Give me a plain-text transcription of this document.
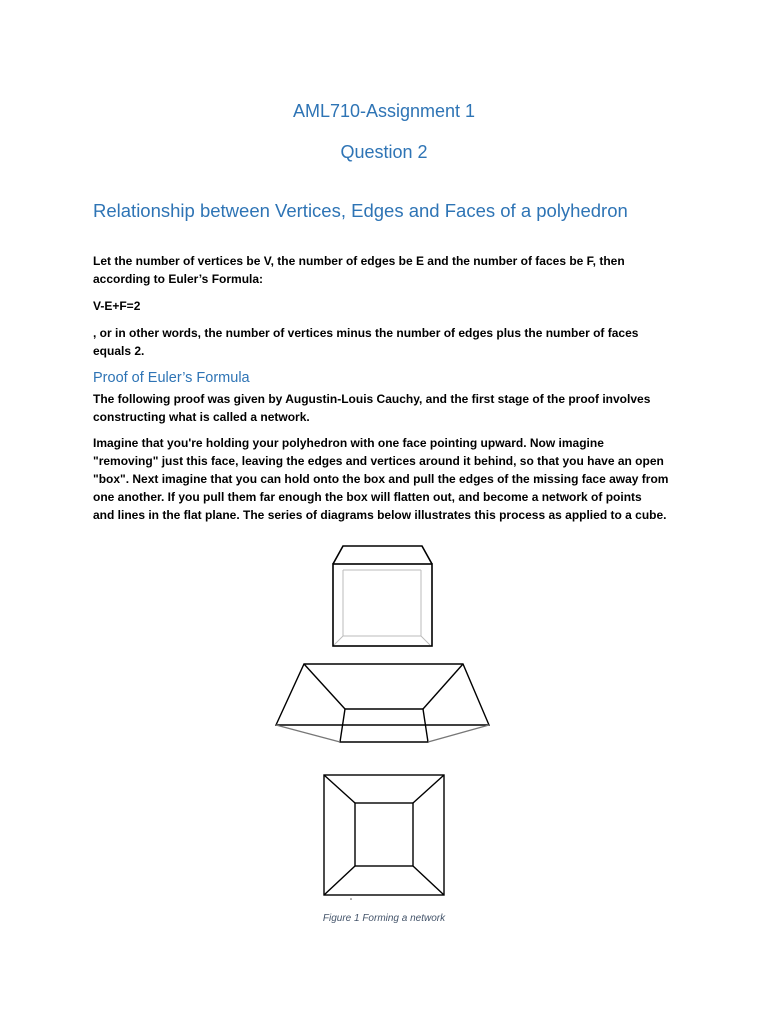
AML710-Assignment 1
Question 2
Relationship between Vertices, Edges and Faces of a polyhedron

Let the number of vertices be V, the number of edges be E and the number of faces be F, then
according to Euler’s Formula:

V-E+F=2

, or in other words, the number of vertices minus the number of edges plus the number of faces
equals 2.

Proof of Euler’s Formula

The following proof was given by Augustin-Louis Cauchy, and the first stage of the proof involves
constructing what is called a network.

Imagine that you're holding your polyhedron with one face pointing upward. Now imagine
"removing" just this face, leaving the edges and vertices around it behind, so that you have an open
"box". Next imagine that you can hold onto the box and pull the edges of the missing face away from
one another. If you pull them far enough the box will flatten out, and become a network of points
and lines in the flat plane. The series of diagrams below illustrates this process as applied to a cube.

Figure 1 Forming a network
